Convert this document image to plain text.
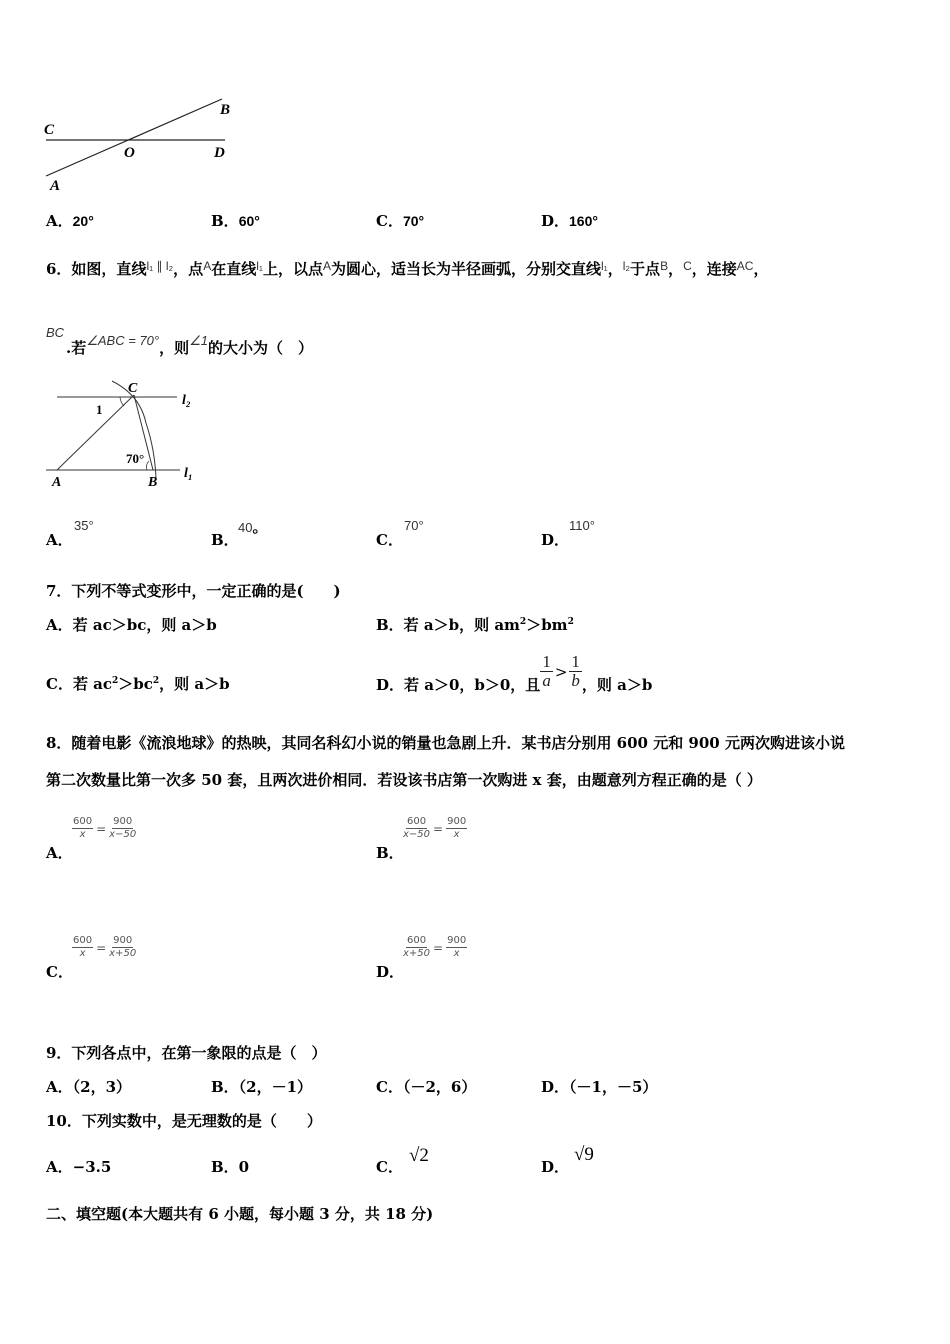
C
B
O	D
A
A．20°	B．60°	C．70°	D．160°
6．如图，直线$^{l_1 \parallel l_2}$，点$^A$在直线$^{l_1}$上，以点$^A$为圆心，适当长为半径画弧，分别交直线$^{l_1}$，$^{l_2}$于点$^B$，$^C$，连接$^{AC}$，
BC
.若∠ABC = 70°，则∠1的大小为（　）
C
l₂
1
70°
A	B
l₁
A．
35°
B．
40。
C．
70°
D．
110°
7．下列不等式变形中，一定正确的是(　　)
A．若 ac＞bc，则 a＞b	B．若 a＞b，则 $am^2>bm^2$
C．若 $ac^2>bc^2$，则 a＞b	D．若 a＞0，b＞0，且 $\frac{1}{a} > \frac{1}{b}$ ，则 a＞b
8．随着电影《流浪地球》的热映，其同名科幻小说的销量也急剧上升．某书店分别用 600 元和 900 元两次购进该小说
第二次数量比第一次多 50 套，且两次进价相同．若设该书店第一次购进 x 套，由题意列方程正确的是（ ）
$\frac{600}{x} = \frac{900}{x-50}$
A．
$\frac{600}{x-50} = \frac{900}{x}$
B．
$\frac{600}{x} = \frac{900}{x+50}$
C．
$\frac{600}{x+50} = \frac{900}{x}$
D．
9．下列各点中，在第一象限的点是（　）
A．（2，3）	B．（2，－1）	C．（－2，6）	D．（－1，－5）
10．下列实数中，是无理数的是（　　）
A．−3.5	B．0	C．
√2
D．
√9
二、填空题(本大题共有 6 小题，每小题 3 分，共 18 分)
